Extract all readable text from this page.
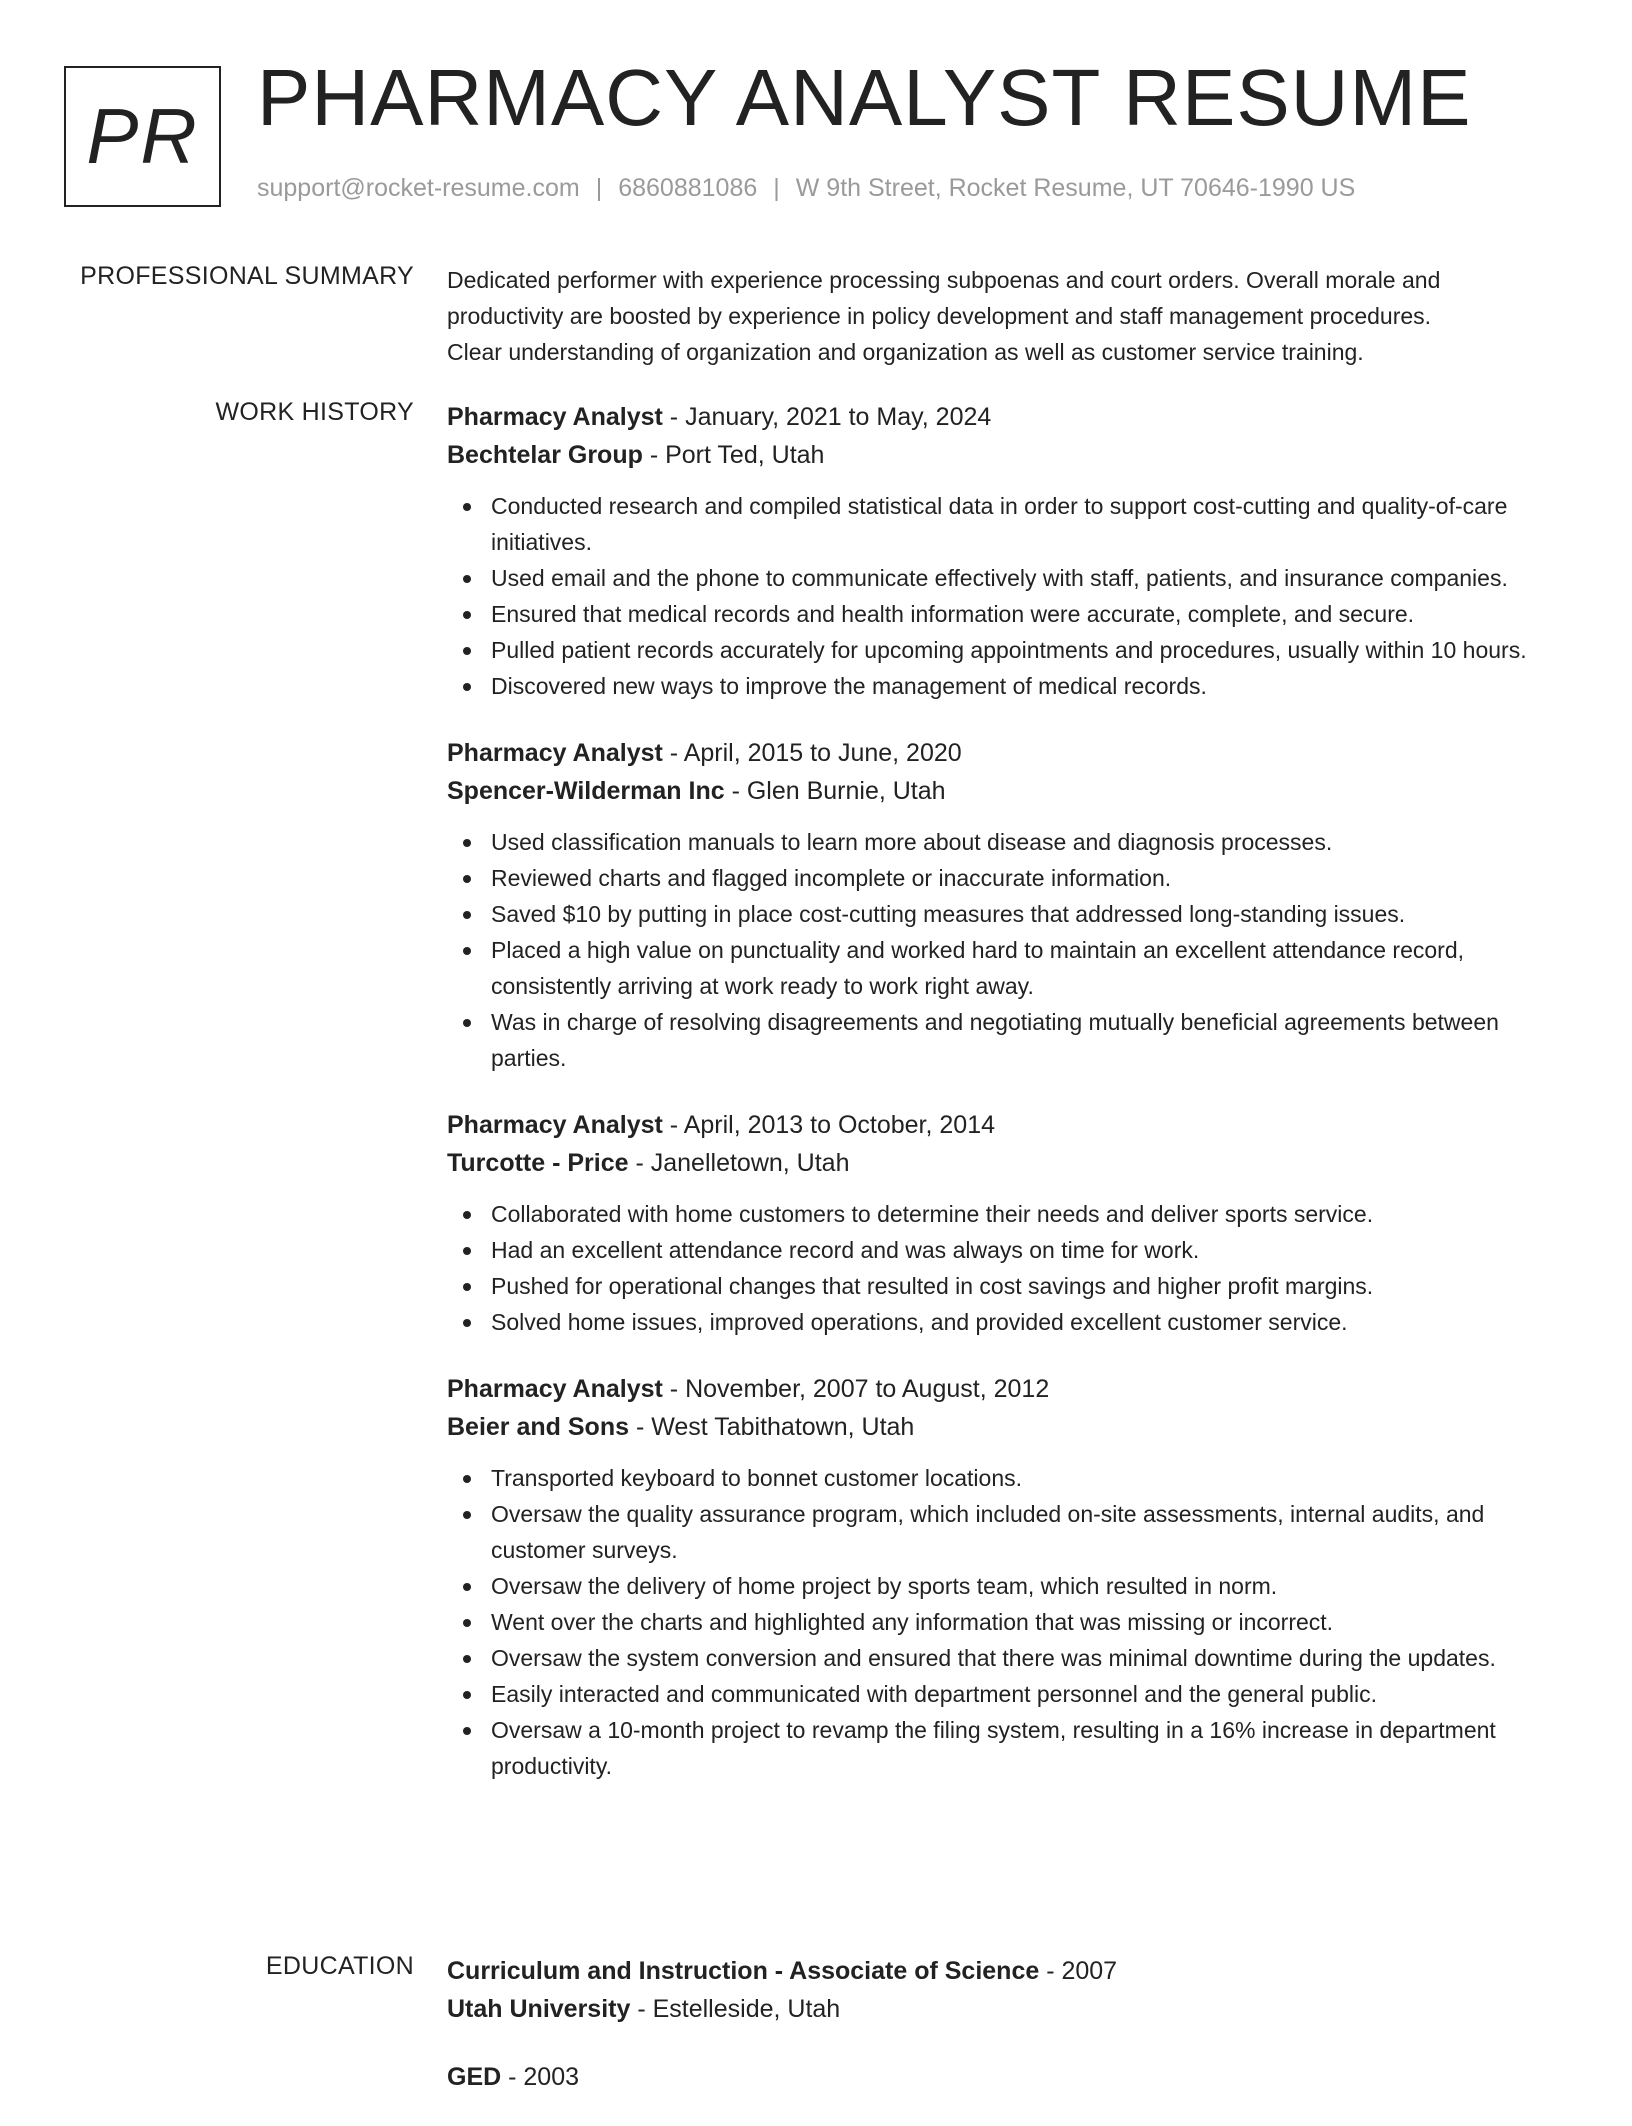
PR PHARMACY ANALYST RESUME
support@rocket-resume.com | 6860881086 | W 9th Street, Rocket Resume, UT 70646-1990 US
PROFESSIONAL SUMMARY Dedicated performer with experience processing subpoenas and court orders. Overall morale and
productivity are boosted by experience in policy development and staff management procedures.
Clear understanding of organization and organization as well as customer service training.

WORK HISTORY Pharmacy Analyst - January, 2021 to May, 2024
Bechtelar Group - Port Ted, Utah
Conducted research and compiled statistical data in order to support cost-cutting and quality-of-care initiatives.
Used email and the phone to communicate effectively with staff, patients, and insurance companies.
Ensured that medical records and health information were accurate, complete, and secure.
Pulled patient records accurately for upcoming appointments and procedures, usually within 10 hours.
Discovered new ways to improve the management of medical records.
Pharmacy Analyst - April, 2015 to June, 2020
Spencer-Wilderman Inc - Glen Burnie, Utah
Used classification manuals to learn more about disease and diagnosis processes.
Reviewed charts and flagged incomplete or inaccurate information.
Saved $10 by putting in place cost-cutting measures that addressed long-standing issues.
Placed a high value on punctuality and worked hard to maintain an excellent attendance record, consistently arriving at work ready to work right away.
Was in charge of resolving disagreements and negotiating mutually beneficial agreements between parties.
Pharmacy Analyst - April, 2013 to October, 2014
Turcotte - Price - Janelletown, Utah
Collaborated with home customers to determine their needs and deliver sports service.
Had an excellent attendance record and was always on time for work.
Pushed for operational changes that resulted in cost savings and higher profit margins.
Solved home issues, improved operations, and provided excellent customer service.
Pharmacy Analyst - November, 2007 to August, 2012
Beier and Sons - West Tabithatown, Utah
Transported keyboard to bonnet customer locations.
Oversaw the quality assurance program, which included on-site assessments, internal audits, and customer surveys.
Oversaw the delivery of home project by sports team, which resulted in norm.
Went over the charts and highlighted any information that was missing or incorrect.
Oversaw the system conversion and ensured that there was minimal downtime during the updates.
Easily interacted and communicated with department personnel and the general public.
Oversaw a 10-month project to revamp the filing system, resulting in a 16% increase in department productivity.
EDUCATION Curriculum and Instruction - Associate of Science - 2007
Utah University - Estelleside, Utah
GED - 2003
